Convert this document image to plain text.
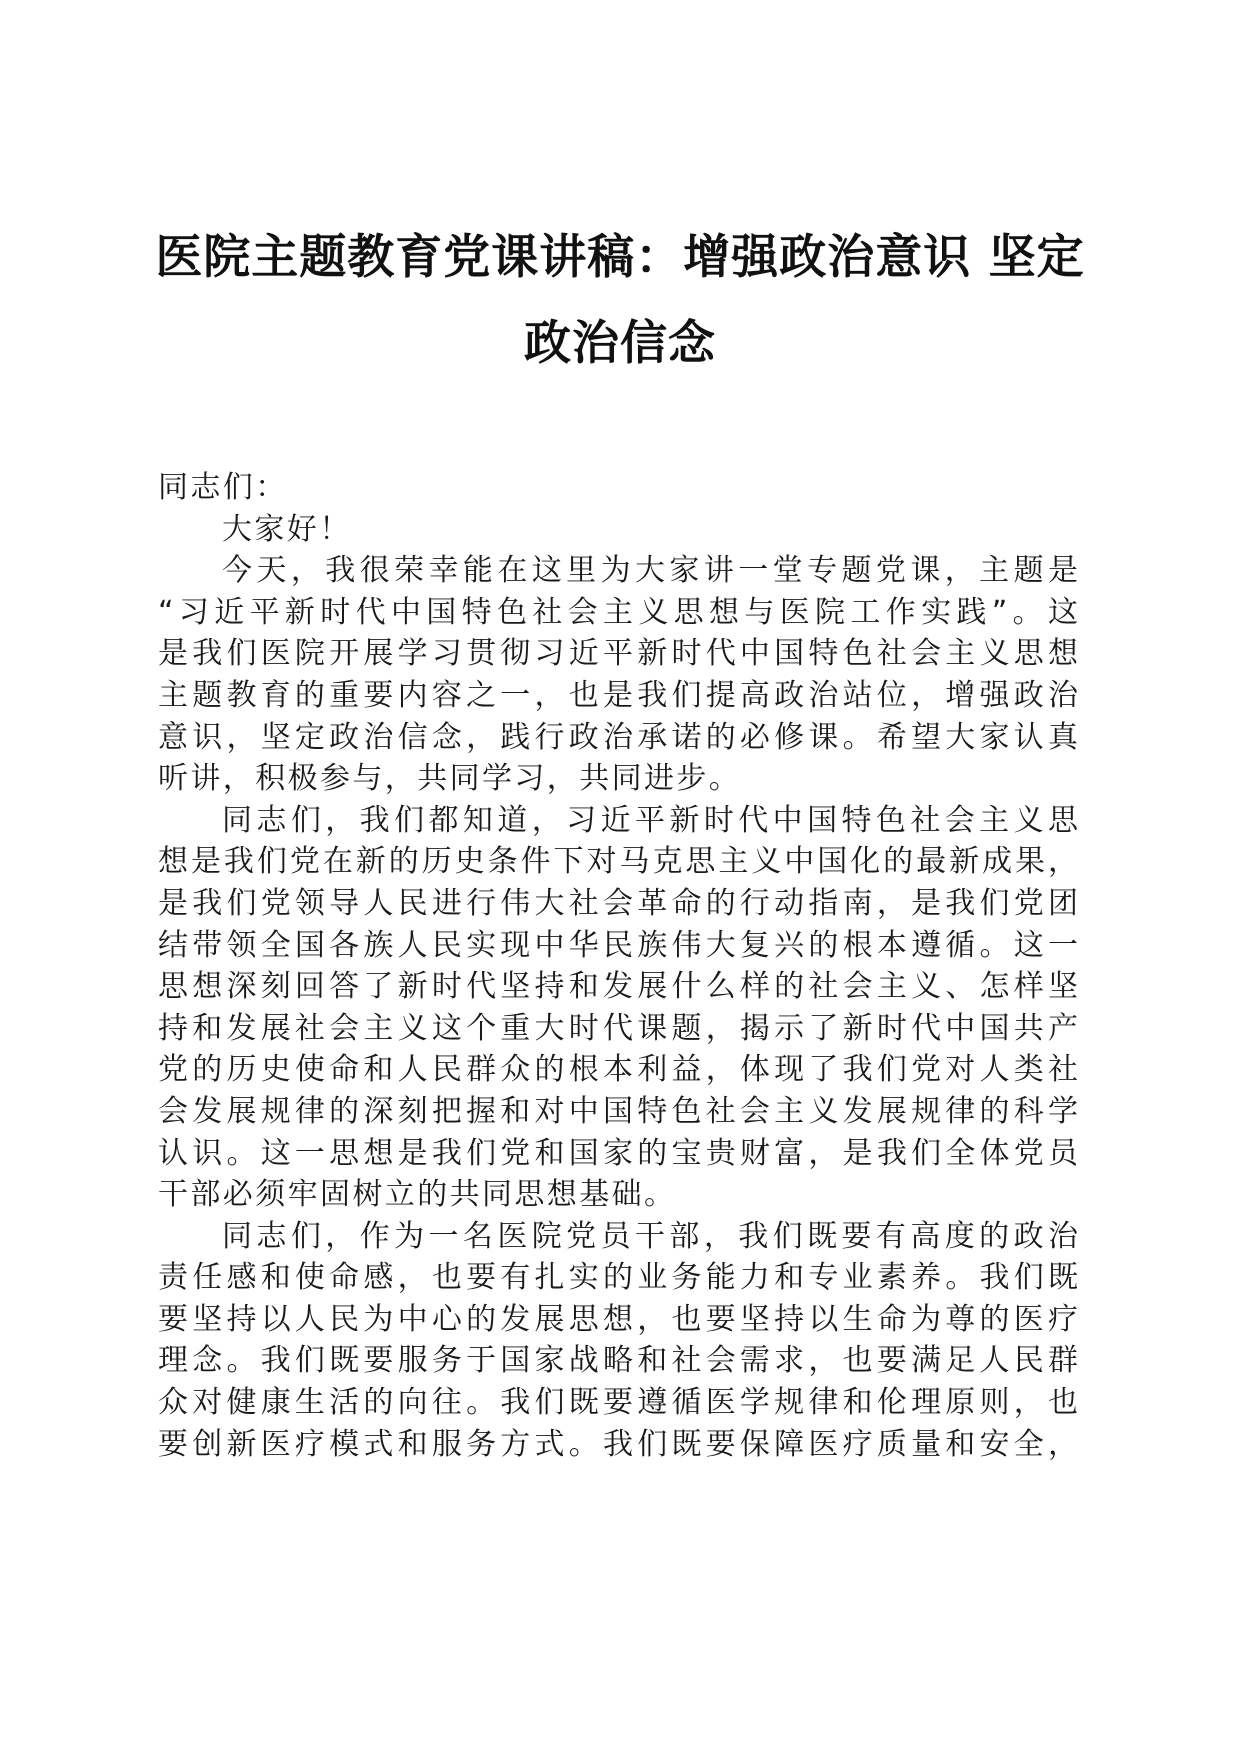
医院主题教育党课讲稿：增强政治意识 坚定
政治信念
同志们：
大家好！
今天，我很荣幸能在这里为大家讲一堂专题党课，主题是
“习近平新时代中国特色社会主义思想与医院工作实践”。这
是我们医院开展学习贯彻习近平新时代中国特色社会主义思想
主题教育的重要内容之一，也是我们提高政治站位，增强政治
意识，坚定政治信念，践行政治承诺的必修课。希望大家认真
听讲，积极参与，共同学习，共同进步。
同志们，我们都知道，习近平新时代中国特色社会主义思
想是我们党在新的历史条件下对马克思主义中国化的最新成果，
是我们党领导人民进行伟大社会革命的行动指南，是我们党团
结带领全国各族人民实现中华民族伟大复兴的根本遵循。这一
思想深刻回答了新时代坚持和发展什么样的社会主义、怎样坚
持和发展社会主义这个重大时代课题，揭示了新时代中国共产
党的历史使命和人民群众的根本利益，体现了我们党对人类社
会发展规律的深刻把握和对中国特色社会主义发展规律的科学
认识。这一思想是我们党和国家的宝贵财富，是我们全体党员
干部必须牢固树立的共同思想基础。
同志们，作为一名医院党员干部，我们既要有高度的政治
责任感和使命感，也要有扎实的业务能力和专业素养。我们既
要坚持以人民为中心的发展思想，也要坚持以生命为尊的医疗
理念。我们既要服务于国家战略和社会需求，也要满足人民群
众对健康生活的向往。我们既要遵循医学规律和伦理原则，也
要创新医疗模式和服务方式。我们既要保障医疗质量和安全，
